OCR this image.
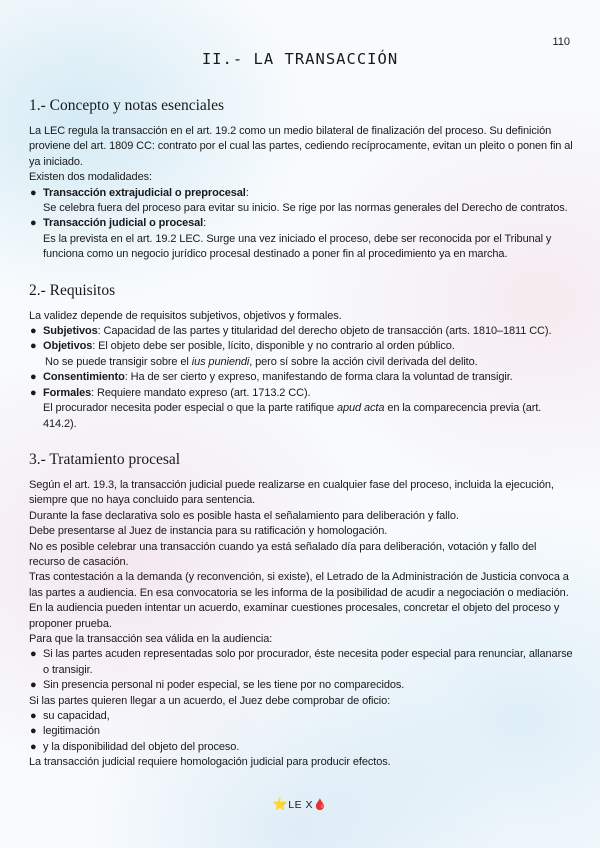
110
II.- LA TRANSACCIÓN
1.- Concepto y notas esenciales

La LEC regula la transacción en el art. 19.2 como un medio bilateral de finalización del proceso. Su definición proviene del art. 1809 CC: contrato por el cual las partes, cediendo recíprocamente, evitan un pleito o ponen fin al ya iniciado.

Existen dos modalidades:

● Transacción extrajudicial o preprocesal:
Se celebra fuera del proceso para evitar su inicio. Se rige por las normas generales del Derecho de contratos.
● Transacción judicial o procesal:
Es la prevista en el art. 19.2 LEC. Surge una vez iniciado el proceso, debe ser reconocida por el Tribunal y funciona como un negocio jurídico procesal destinado a poner fin al procedimiento ya en marcha.
2.- Requisitos

La validez depende de requisitos subjetivos, objetivos y formales.

● Subjetivos: Capacidad de las partes y titularidad del derecho objeto de transacción (arts. 1810–1811 CC).
● Objetivos: El objeto debe ser posible, lícito, disponible y no contrario al orden público.
No se puede transigir sobre el ius puniendi, pero sí sobre la acción civil derivada del delito.
● Consentimiento: Ha de ser cierto y expreso, manifestando de forma clara la voluntad de transigir.
● Formales: Requiere mandato expreso (art. 1713.2 CC).
El procurador necesita poder especial o que la parte ratifique apud acta en la comparecencia previa (art. 414.2).
3.- Tratamiento procesal

Según el art. 19.3, la transacción judicial puede realizarse en cualquier fase del proceso, incluida la ejecución, siempre que no haya concluido para sentencia.

Durante la fase declarativa solo es posible hasta el señalamiento para deliberación y fallo.

Debe presentarse al Juez de instancia para su ratificación y homologación.

No es posible celebrar una transacción cuando ya está señalado día para deliberación, votación y fallo del recurso de casación.

Tras contestación a la demanda (y reconvención, si existe), el Letrado de la Administración de Justicia convoca a las partes a audiencia. En esa convocatoria se les informa de la posibilidad de acudir a negociación o mediación. En la audiencia pueden intentar un acuerdo, examinar cuestiones procesales, concretar el objeto del proceso y proponer prueba.

Para que la transacción sea válida en la audiencia:

● Si las partes acuden representadas solo por procurador, éste necesita poder especial para renunciar, allanarse o transigir.
● Sin presencia personal ni poder especial, se les tiene por no comparecidos.

Si las partes quieren llegar a un acuerdo, el Juez debe comprobar de oficio:

● su capacidad,
● legitimación
● y la disponibilidad del objeto del proceso.

La transacción judicial requiere homologación judicial para producir efectos.

⭐LE X🩸
